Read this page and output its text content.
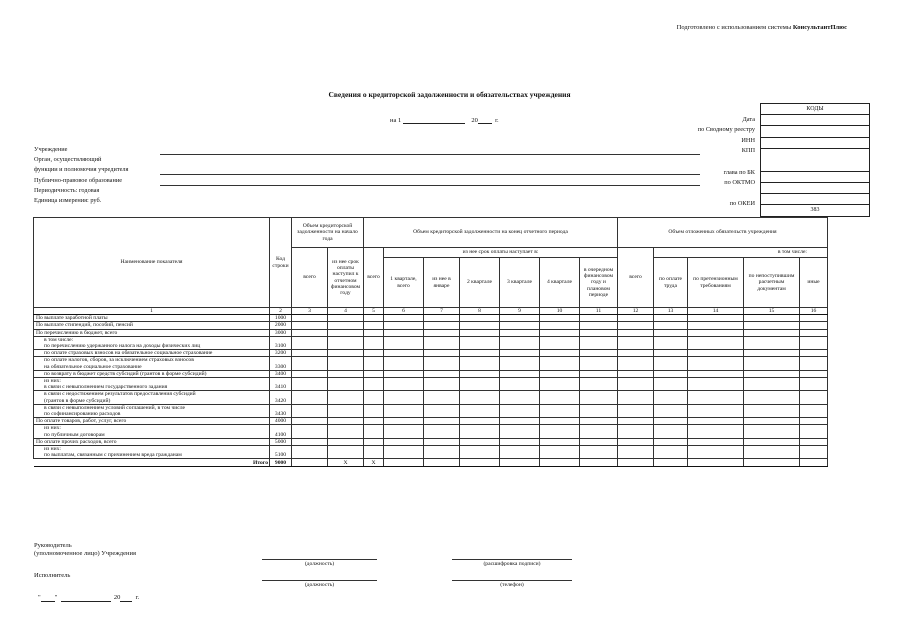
Подготовлено с использованием системы КонсультантПлюс
Сведения о кредиторской задолженности и обязательствах учреждения
на 1	20	г.
КОДЫ

383
Дата
по Сводному реестру
ИНН
КПП
глава по БК
по ОКТМО
по ОКЕИ
Учреждение
Орган, осуществляющий
функции и полномочия учредителя
Публично-правовое образование
Периодичность: годовая
Единица измерения: руб.
Наименование показателя	Код строки	Объем кредиторской задолженности на начало года		Объем кредиторской задолженности на конец отчетного периода							Объем отложенных обязательств учреждения				
		всего	из нее срок оплаты наступил к отчетном финансовом году	всего	из нее срок оплаты наступает в:						всего	в том числе:			
					1 квартале, всего	из нее в январе	2 квартале	3 квартале	4 квартале	в очередном финансовом году и плановом периоде		по оплате труда	по претензионным требованиям	по непоступившим расчетным документам	иные
1	2	3	4	5	6	7	8	9	10	11	12	13	14	15	16
По выплате заработной платы	1000														
По выплате стипендий, пособий, пенсий	2000														
По перечислению в бюджет, всего	3000														
в том числе:
по перечислению удержанного налога на доходы физических лиц	3100														
по оплате страховых взносов на обязательное социальное страхование	3200														
по оплате налогов, сборов, за исключением страховых взносов
на обязательное социальное страхование	3300														
по возврату в бюджет средств субсидий (грантов в форме субсидий)	3400														
из них:
в связи с невыполнением государственного задания	3410														
в связи с недостижением результатов предоставления субсидий
(грантов в форме субсидий)	3420														
в связи с невыполнением условий соглашений, в том числе
по софинансированию расходов	3430														
По оплате товаров, работ, услуг, всего	4000														
из них:
по публичным договорам	4100														
По оплате прочих расходов, всего	5000														
из них:
по выплатам, связанным с причинением вреда гражданам	5100														
Итого	9000		X	X											
Руководитель
(уполномоченное лицо) Учреждения
(должность)	(расшифровка подписи)
Исполнитель
(должность)	(телефон)
" "	20 г.
